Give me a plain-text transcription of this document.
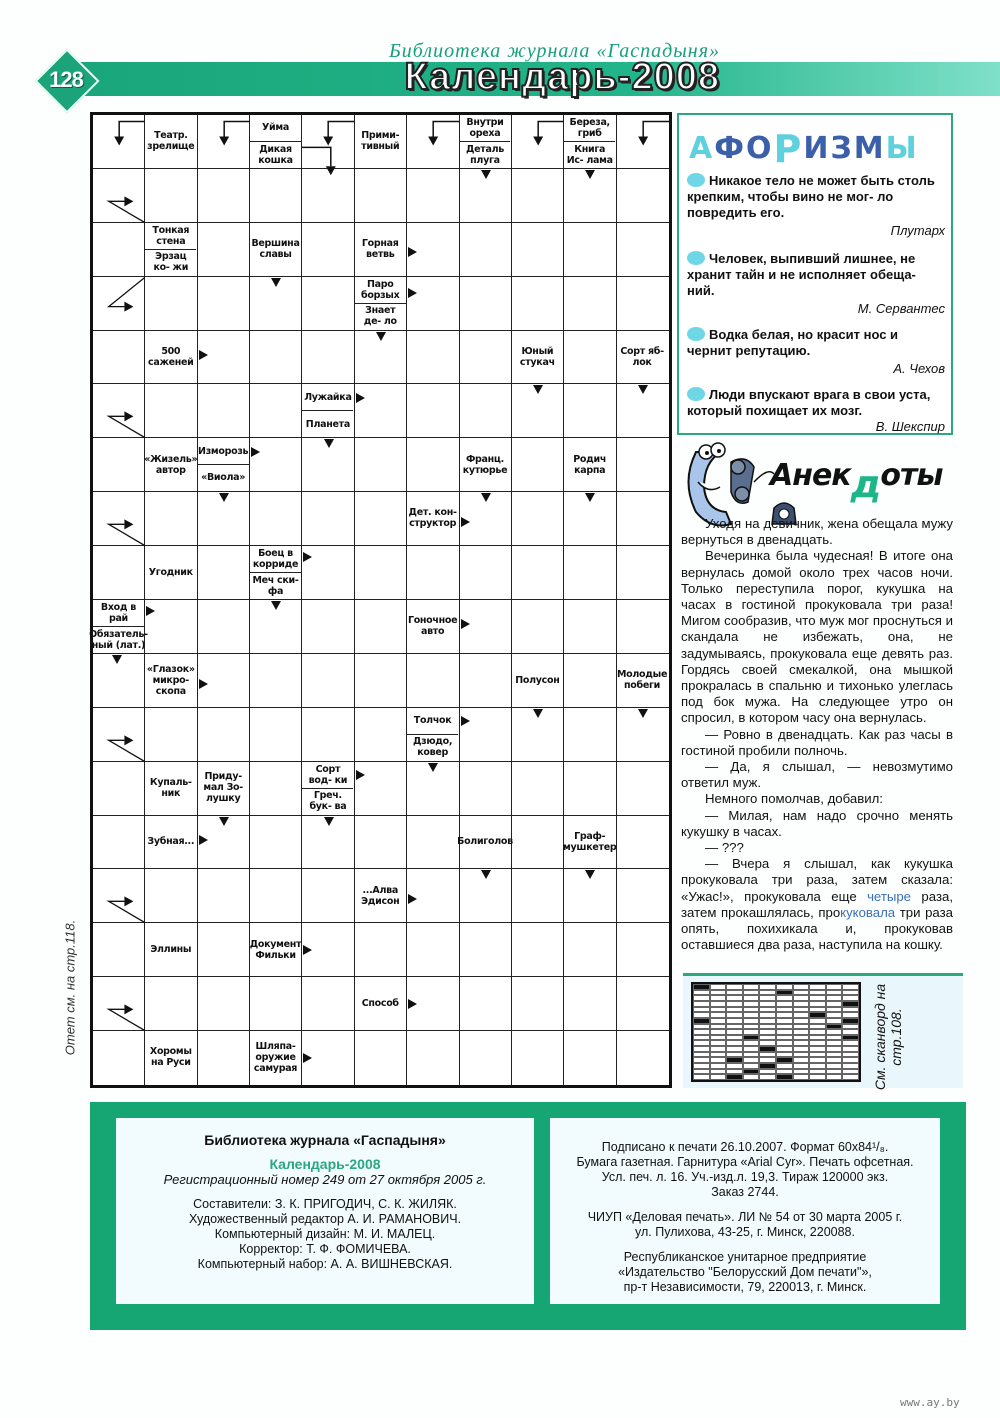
128
Библиотека журнала «Гаспадыня»
Календарь-2008
Театр. зрелище
Уйма
Дикая кошка
Прими- тивный
Внутри ореха
Деталь плуга
Береза, гриб
Книга Ис- лама
Тонкая стена
Эрзац ко- жи
Вершина славы
Горная ветвь
Паро борзых
Знает де- ло
500 саженей
Юный стукач
Сорт яб- лок
Лужайка
Планета
«Жизель» автор
Изморозь
«Виола»
Франц. кутюрье
Родич карпа
Дет. кон- структор
Угодник
Боец в корриде
Меч ски- фа
Вход в рай
Обязатель- ный (лат.)
Гоночное авто
«Глазок» микро- скопа
Полусон	Молодые побеги
Толчок
Дзюдо, ковер
Купаль- ник
Приду- мал Зо- лушку
Сорт вод- ки
Греч. бук- ва
Зубная...	Болиголов	Граф- мушкетер
...Алва Эдисон
Эллины	Документ Фильки
Способ
Хоромы на Руси
Шляпа- оружие самурая
Отет см. на стр.118.
А Ф О Р И З М Ы
Никакое тело не может быть столь крепким, чтобы вино не мог- ло повредить его.
Плутарх
Человек, выпивший лишнее, не хранит тайн и не исполняет обеща- ний.
М. Сервантес
Водка белая, но красит нос и чернит репутацию.
А. Чехов
Люди впускают врага в свои уста, который похищает их мозг.
В. Шекспир
Анекдоты

Уходя на девичник, жена обещала мужу вернуться в двенадцать.

Вечеринка была чудесная! В итоге она вернулась домой около трех часов ночи. Только переступила порог, кукушка на часах в гостиной прокуковала три раза! Мигом сообразив, что муж мог проснуться и скандала не избежать, она, не задумываясь, прокуковала еще девять раз. Гордясь своей смекалкой, она мышкой прокралась в спальню и тихонько улеглась под бок мужа. На следующее утро он спросил, в котором часу она вернулась.

— Ровно в двенадцать. Как раз часы в гостиной пробили полночь.

— Да, я слышал, — невозмутимо ответил муж.

Немного помолчав, добавил:

— Милая, нам надо срочно менять кукушку в часах.

— ???

— Вчера я слышал, как кукушка прокуковала три раза, затем сказала: «Ужас!», прокуковала еще четыре раза, затем прокашлялась, прокуковала три раза опять, похихикала и, прокуковав оставшиеся два раза, наступила на кошку.

См. сканворд на стр.108.
Библиотека журнала «Гаспадыня»
Календарь-2008
Регистрационный номер 249 от 27 октября 2005 г.
Составители: З. К. ПРИГОДИЧ, С. К. ЖИЛЯК.
Художественный редактор А. И. РАМАНОВИЧ.
Компьютерный дизайн: М. И. МАЛЕЦ.
Корректор: Т. Ф. ФОМИЧЕВА.
Компьютерный набор: А. А. ВИШНЕВСКАЯ.
Подписано к печати 26.10.2007. Формат 60х84¹/₈.
Бумага газетная. Гарнитура «Arial Cyr». Печать офсетная.
Усл. печ. л. 16. Уч.-изд.л. 19,3. Тираж 120000 экз.
Заказ 2744.
ЧИУП «Деловая печать». ЛИ № 54 от 30 марта 2005 г.
ул. Пулихова, 43-25, г. Минск, 220088.
Республиканское унитарное предприятие
«Издательство "Белорусский Дом печати"»,
пр-т Независимости, 79, 220013, г. Минск.
www.ay.by
